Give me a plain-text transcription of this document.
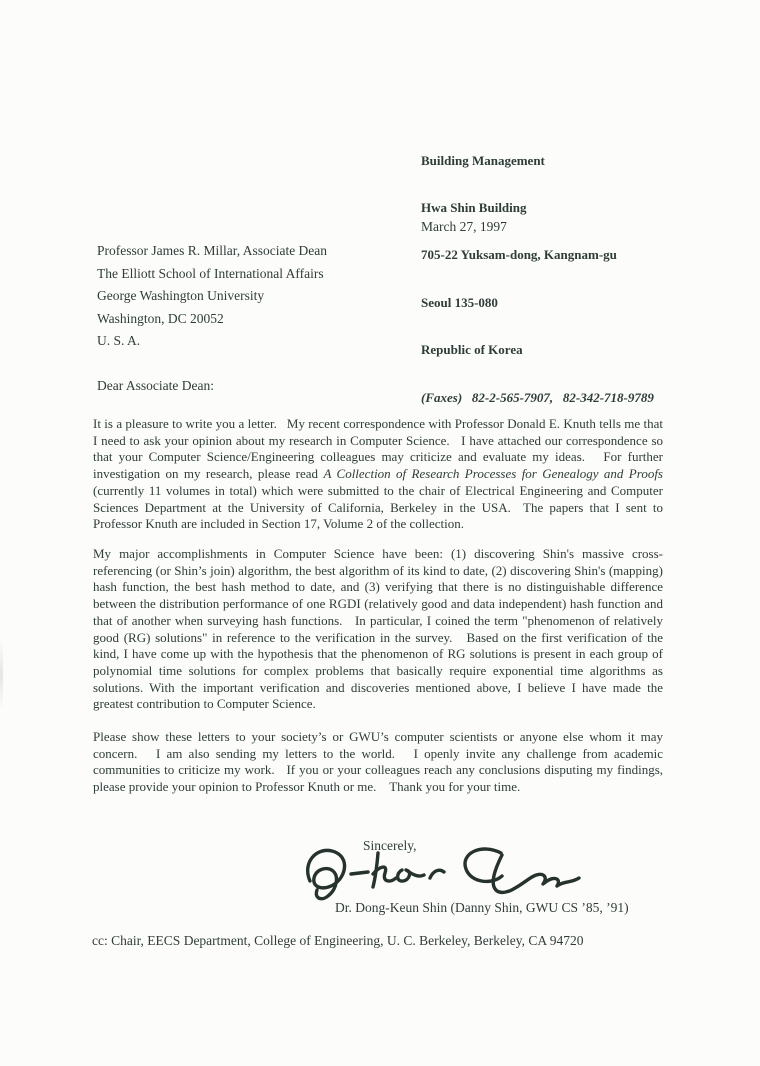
Building Management

Hwa Shin Building

705-22 Yuksam-dong, Kangnam-gu

Seoul 135-080

Republic of Korea

(Faxes)   82-2-565-7907,   82-342-718-9789

March 27, 1997
Professor James R. Millar, Associate Dean
The Elliott School of International Affairs
George Washington University
Washington, DC 20052
U. S. A.
Dear Associate Dean:
It is a pleasure to write you a letter.   My recent correspondence with Professor Donald E. Knuth tells me that I need to ask your opinion about my research in Computer Science.   I have attached our correspondence so that your Computer Science/Engineering colleagues may criticize and evaluate my ideas.   For further investigation on my research, please read A Collection of Research Processes for Genealogy and Proofs (currently 11 volumes in total) which were submitted to the chair of Electrical Engineering and Computer Sciences Department at the University of California, Berkeley in the USA.  The papers that I sent to Professor Knuth are included in Section 17, Volume 2 of the collection.
My major accomplishments in Computer Science have been: (1) discovering Shin's massive cross-referencing (or Shin’s join) algorithm, the best algorithm of its kind to date, (2) discovering Shin's (mapping) hash function, the best hash method to date, and (3) verifying that there is no distinguishable difference between the distribution performance of one RGDI (relatively good and data independent) hash function and that of another when surveying hash functions.   In particular, I coined the term "phenomenon of relatively good (RG) solutions" in reference to the verification in the survey.   Based on the first verification of the kind, I have come up with the hypothesis that the phenomenon of RG solutions is present in each group of polynomial time solutions for complex problems that basically require exponential time algorithms as solutions. With the important verification and discoveries mentioned above, I believe I have made the greatest contribution to Computer Science.
Please show these letters to your society’s or GWU’s computer scientists or anyone else whom it may concern.   I am also sending my letters to the world.   I openly invite any challenge from academic communities to criticize my work.   If you or your colleagues reach any conclusions disputing my findings, please provide your opinion to Professor Knuth or me.    Thank you for your time.
Sincerely,
Dr. Dong-Keun Shin (Danny Shin, GWU CS ’85, ’91)
cc: Chair, EECS Department, College of Engineering, U. C. Berkeley, Berkeley, CA 94720
